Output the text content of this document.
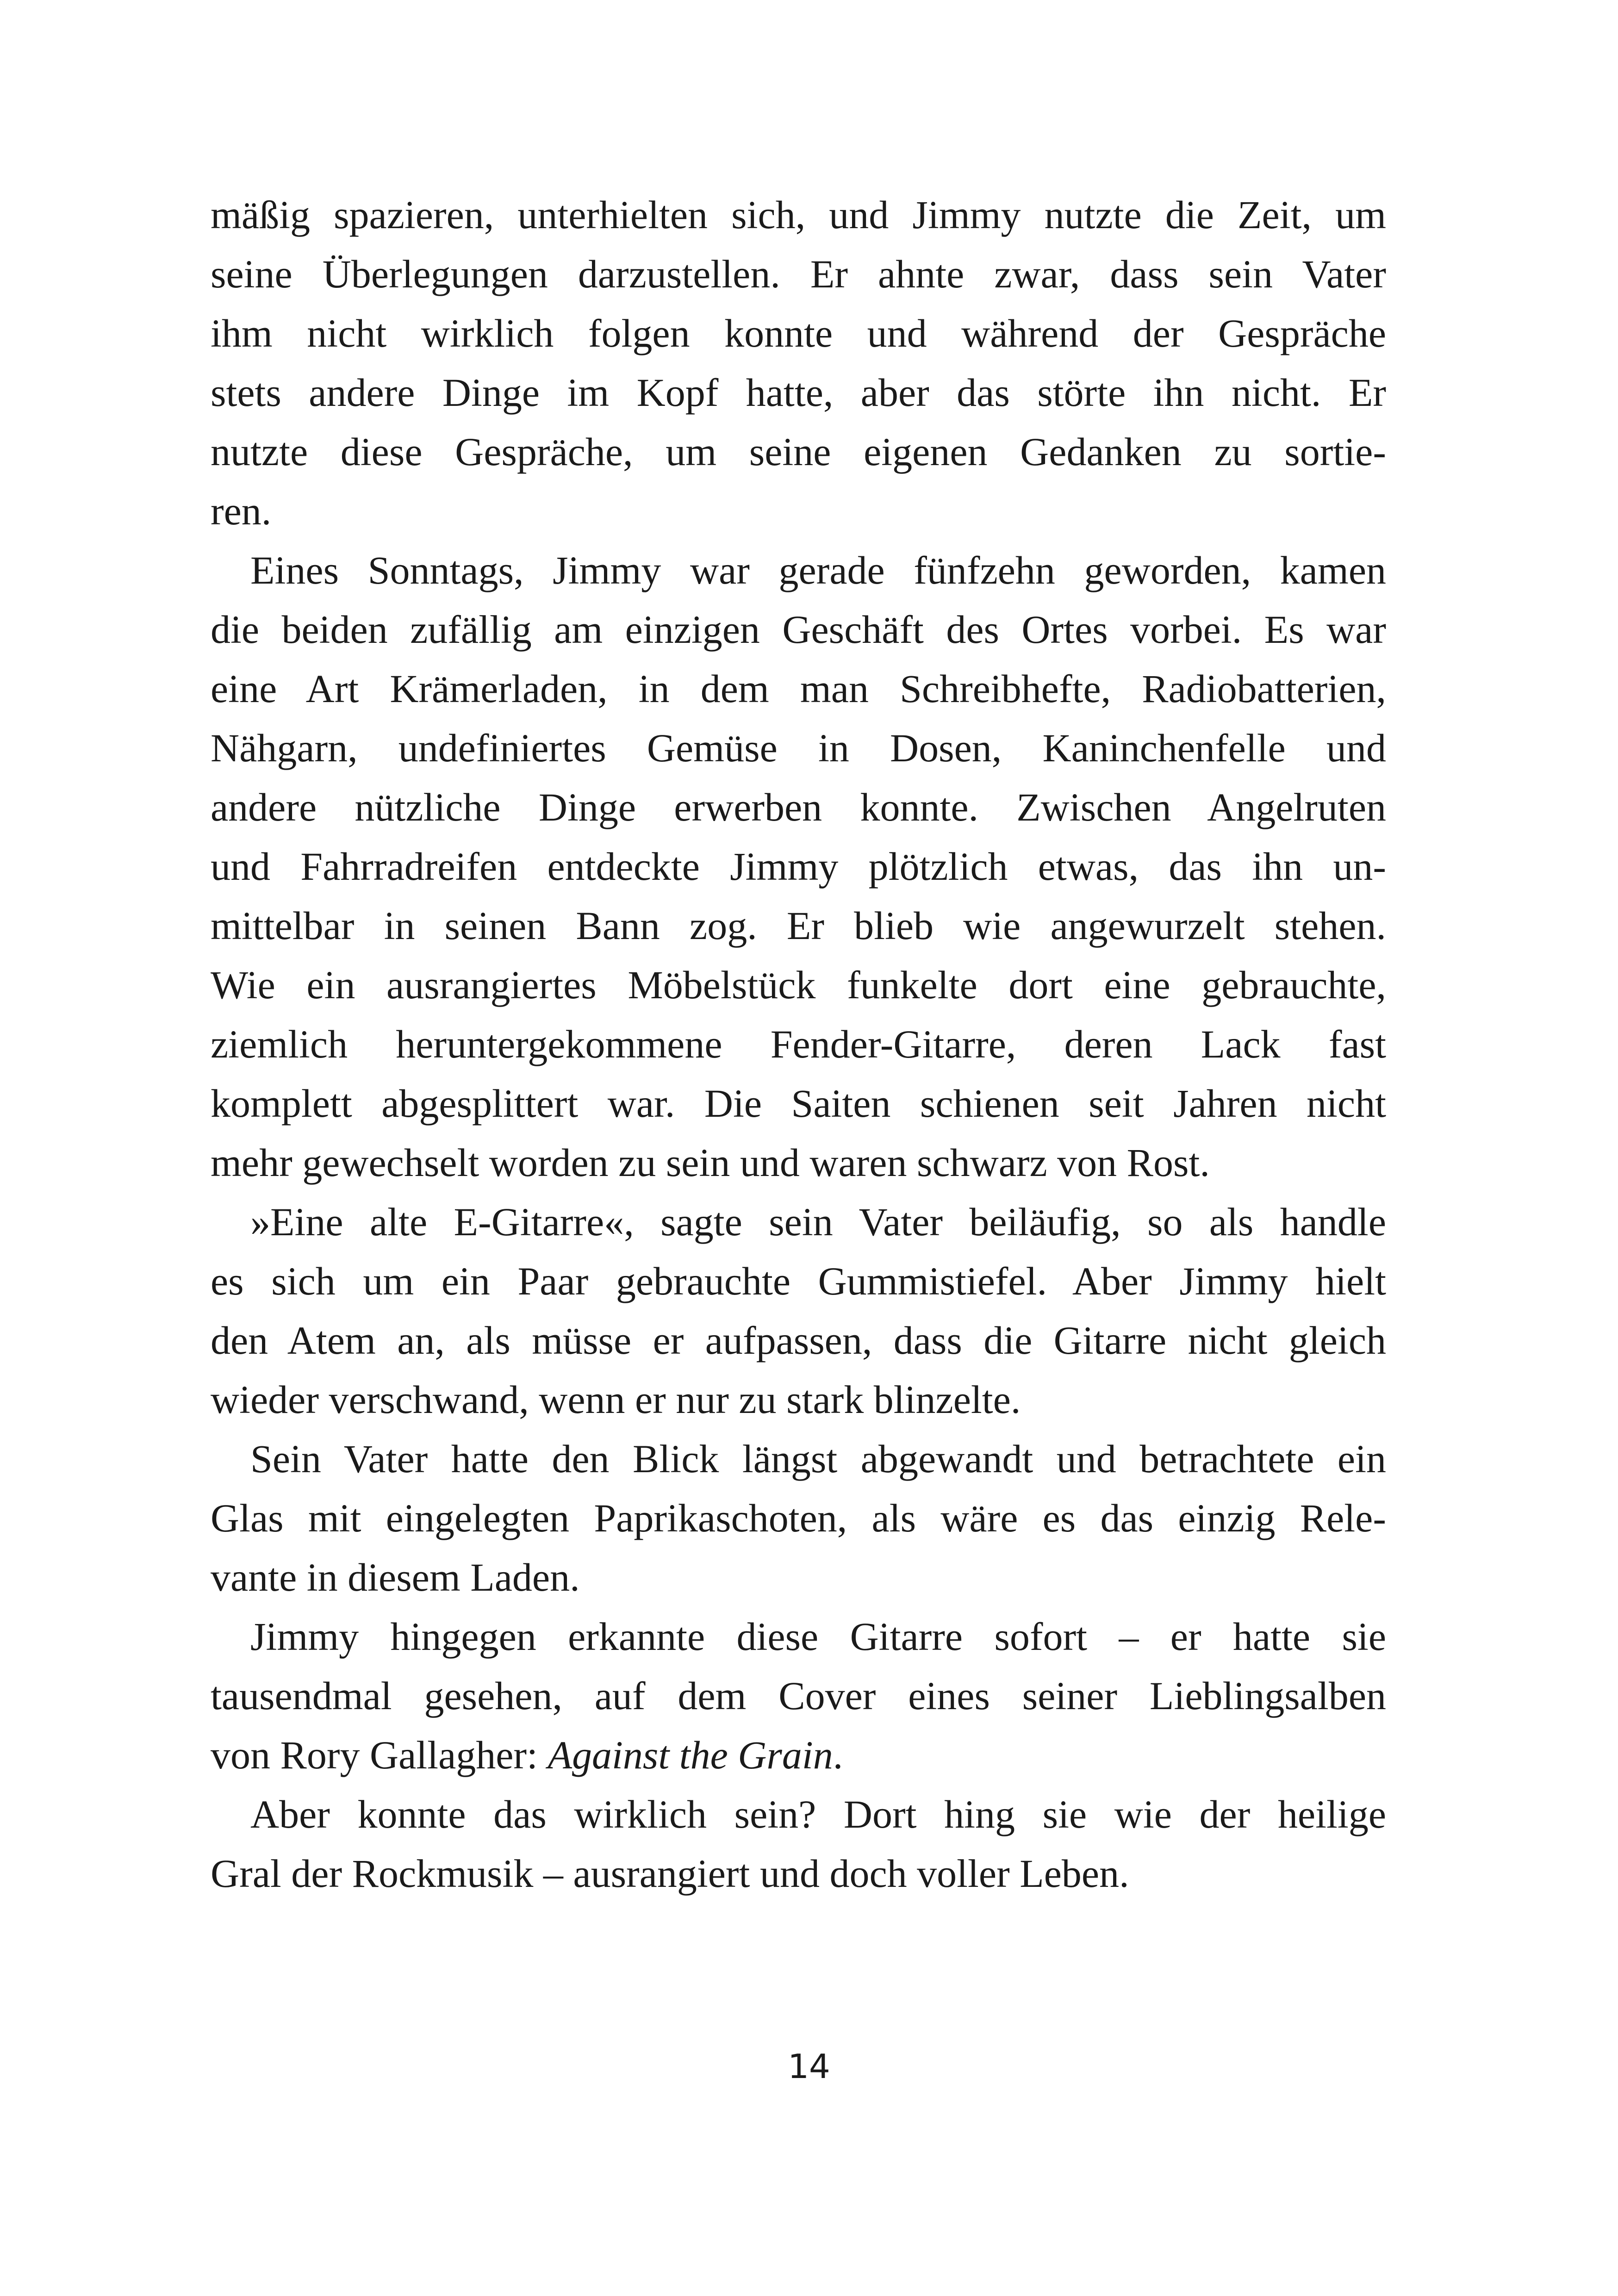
mäßig spazieren, unterhielten sich, und Jimmy nutzte die Zeit, um
seine Überlegungen darzustellen. Er ahnte zwar, dass sein Vater
ihm nicht wirklich folgen konnte und während der Gespräche
stets andere Dinge im Kopf hatte, aber das störte ihn nicht. Er
nutzte diese Gespräche, um seine eigenen Gedanken zu sortie-
ren.

Eines Sonntags, Jimmy war gerade fünfzehn geworden, kamen
die beiden zufällig am einzigen Geschäft des Ortes vorbei. Es war
eine Art Krämerladen, in dem man Schreibhefte, Radiobatterien,
Nähgarn, undefiniertes Gemüse in Dosen, Kaninchenfelle und
andere nützliche Dinge erwerben konnte. Zwischen Angelruten
und Fahrradreifen entdeckte Jimmy plötzlich etwas, das ihn un-
mittelbar in seinen Bann zog. Er blieb wie angewurzelt stehen.
Wie ein ausrangiertes Möbelstück funkelte dort eine gebrauchte,
ziemlich heruntergekommene Fender-Gitarre, deren Lack fast
komplett abgesplittert war. Die Saiten schienen seit Jahren nicht
mehr gewechselt worden zu sein und waren schwarz von Rost.

»Eine alte E-Gitarre«, sagte sein Vater beiläufig, so als handle
es sich um ein Paar gebrauchte Gummistiefel. Aber Jimmy hielt
den Atem an, als müsse er aufpassen, dass die Gitarre nicht gleich
wieder verschwand, wenn er nur zu stark blinzelte.

Sein Vater hatte den Blick längst abgewandt und betrachtete ein
Glas mit eingelegten Paprikaschoten, als wäre es das einzig Rele-
vante in diesem Laden.

Jimmy hingegen erkannte diese Gitarre sofort – er hatte sie
tausendmal gesehen, auf dem Cover eines seiner Lieblingsalben
von Rory Gallagher: Against the Grain.

Aber konnte das wirklich sein? Dort hing sie wie der heilige
Gral der Rockmusik – ausrangiert und doch voller Leben.

14
